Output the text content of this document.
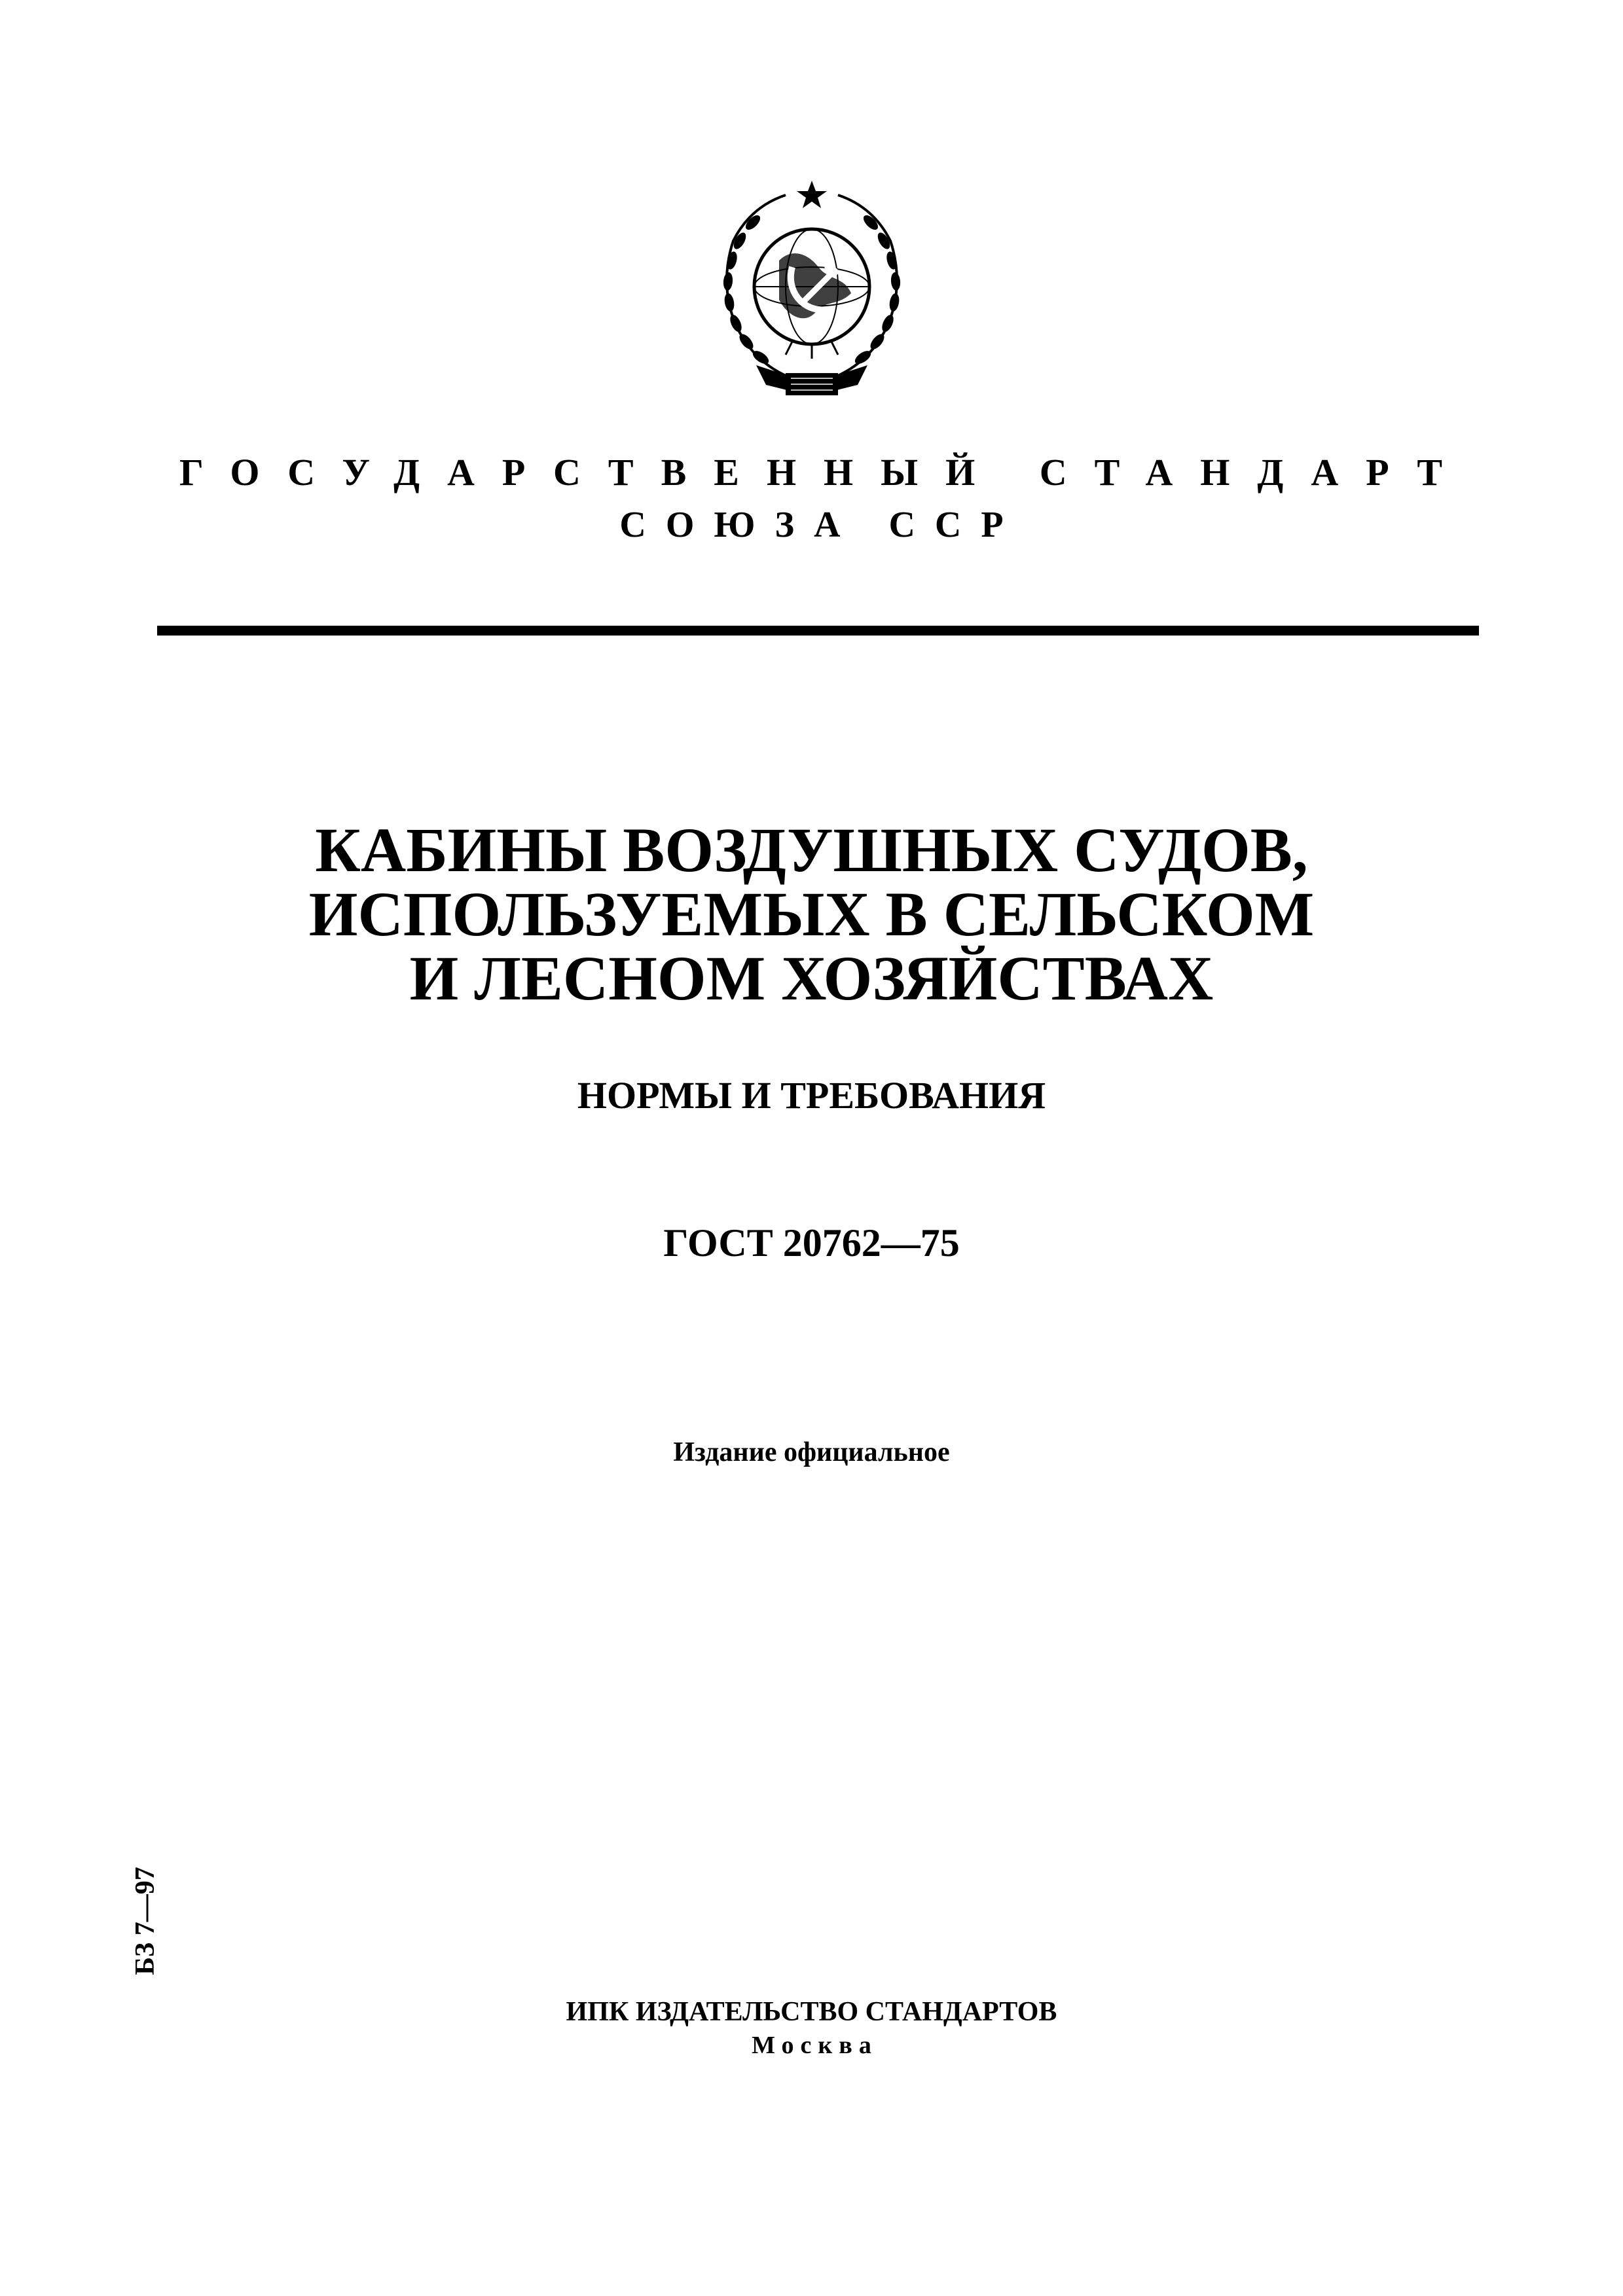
ГОСУДАРСТВЕННЫЙ СТАНДАРТ
СОЮЗА ССР
КАБИНЫ ВОЗДУШНЫХ СУДОВ,
ИСПОЛЬЗУЕМЫХ В СЕЛЬСКОМ
И ЛЕСНОМ ХОЗЯЙСТВАХ
НОРМЫ И ТРЕБОВАНИЯ
ГОСТ 20762—75
Издание официальное
БЗ 7—97
ИПК ИЗДАТЕЛЬСТВО СТАНДАРТОВ
Москва
